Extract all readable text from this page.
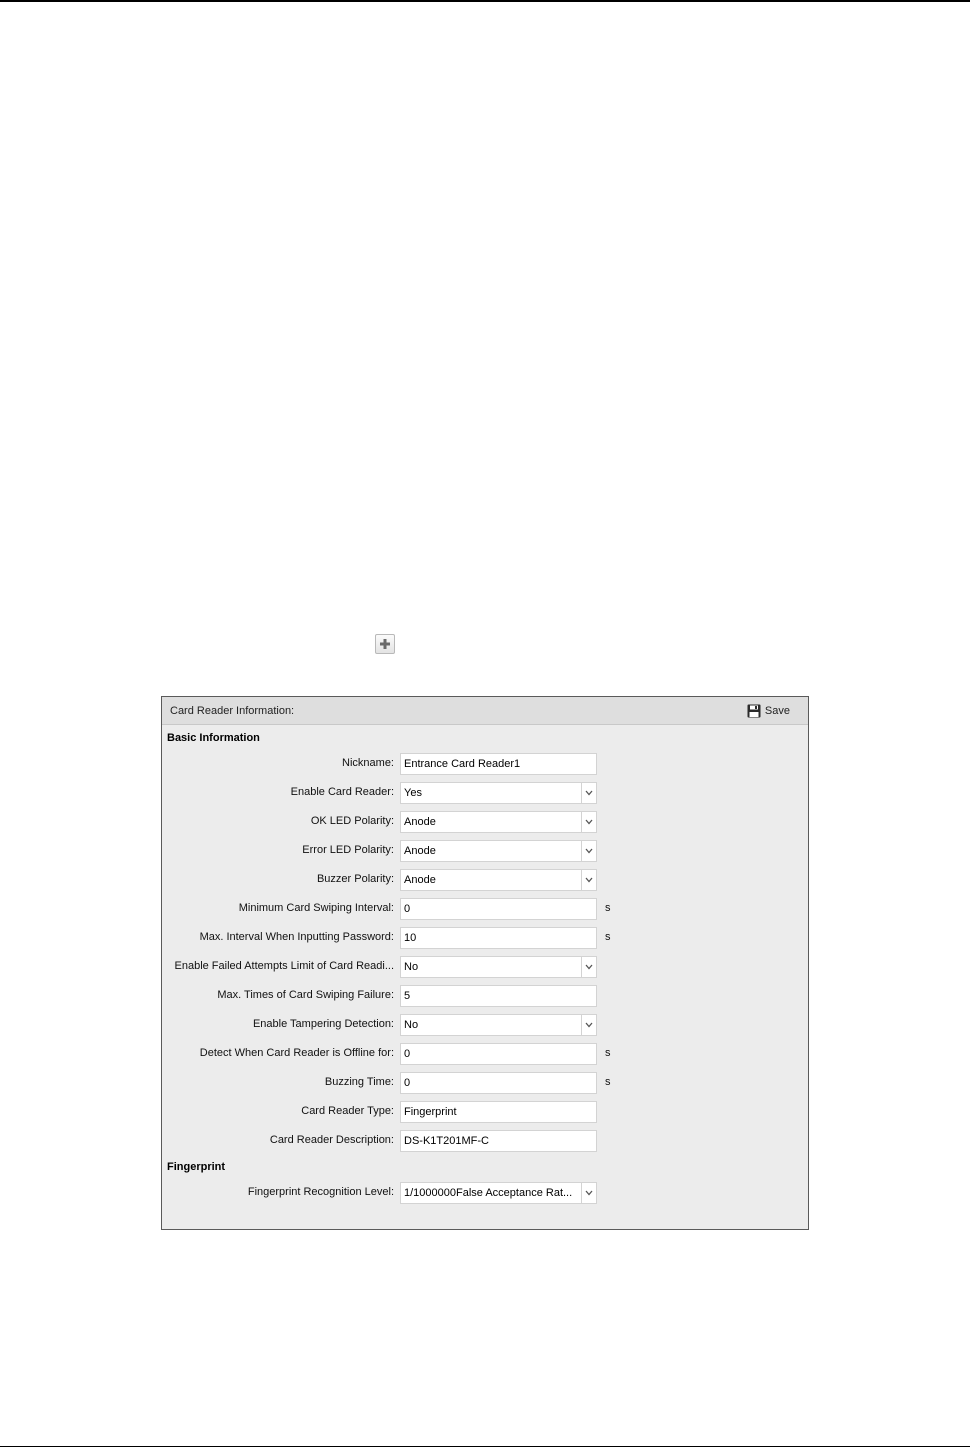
Card Reader Information:	Save
Basic Information
Nickname: Entrance Card Reader1
Enable Card Reader: Yes
OK LED Polarity: Anode
Error LED Polarity: Anode
Buzzer Polarity: Anode
Minimum Card Swiping Interval: 0	s
Max. Interval When Inputting Password: 10	s
Enable Failed Attempts Limit of Card Readi... No
Max. Times of Card Swiping Failure: 5
Enable Tampering Detection: No
Detect When Card Reader is Offline for: 0	s
Buzzing Time: 0	s
Card Reader Type: Fingerprint
Card Reader Description: DS-K1T201MF-C
Fingerprint
Fingerprint Recognition Level: 1/1000000False Acceptance Rat...
